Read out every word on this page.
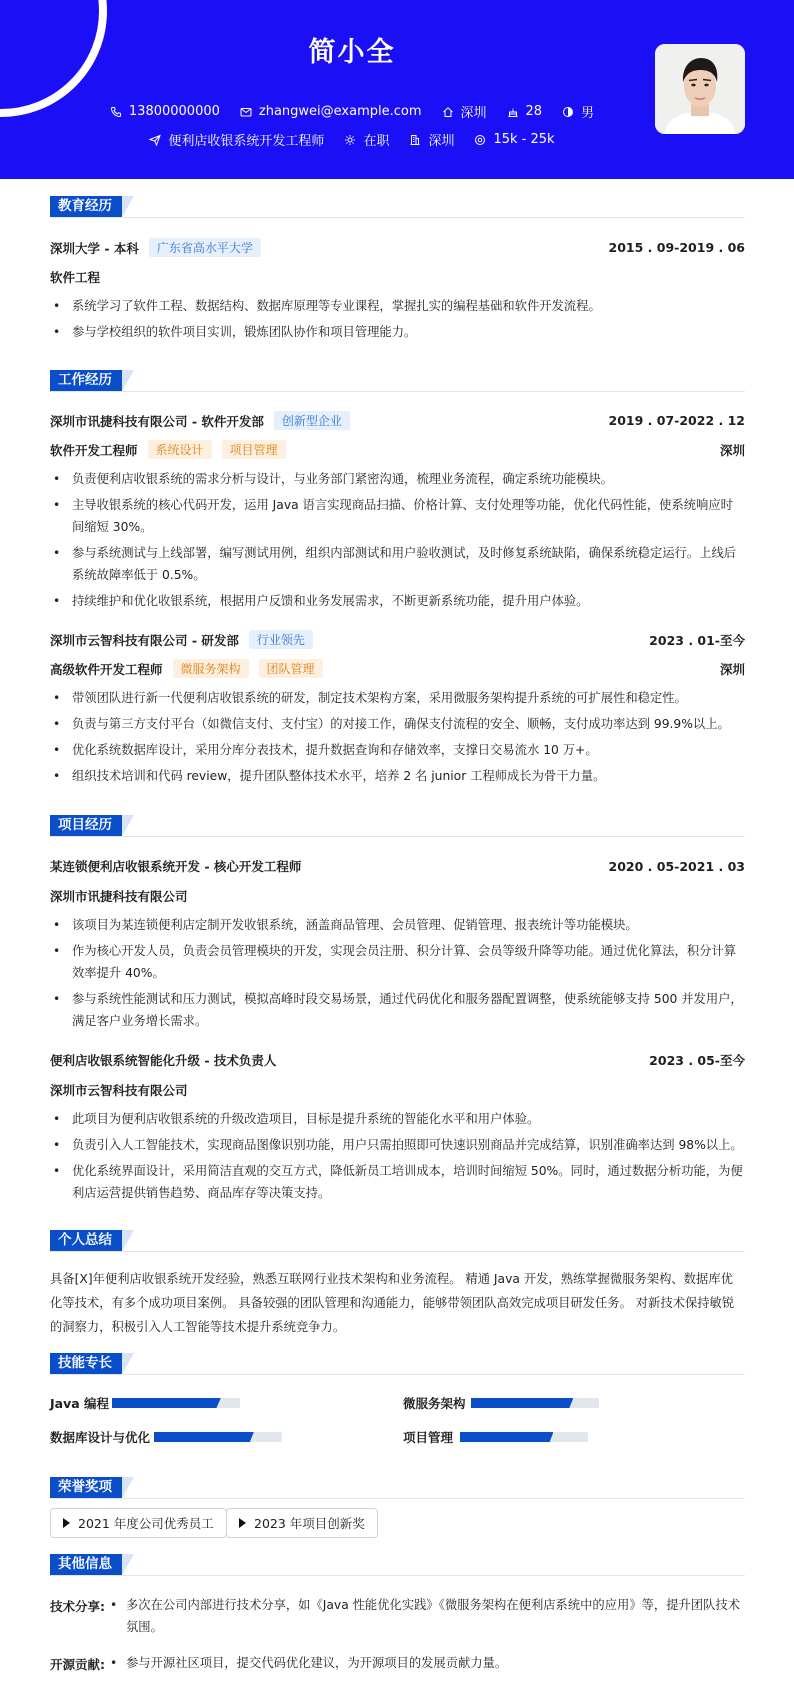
简小全
13800000000	zhangwei@example.com	深圳	28	男
便利店收银系统开发工程师	在职	深圳	15k - 25k
教育经历
深圳大学 - 本科	广东省高水平大学	2015 . 09-2019 . 06
软件工程
• 系统学习了软件工程、数据结构、数据库原理等专业课程，掌握扎实的编程基础和软件开发流程。
• 参与学校组织的软件项目实训，锻炼团队协作和项目管理能力。
工作经历
深圳市讯捷科技有限公司 - 软件开发部	创新型企业	2019 . 07-2022 . 12
软件开发工程师	系统设计	项目管理	深圳
• 负责便利店收银系统的需求分析与设计，与业务部门紧密沟通，梳理业务流程，确定系统功能模块。
• 主导收银系统的核心代码开发，运用 Java 语言实现商品扫描、价格计算、支付处理等功能，优化代码性能，使系统响应时间缩短 30%。
• 参与系统测试与上线部署，编写测试用例，组织内部测试和用户验收测试，及时修复系统缺陷，确保系统稳定运行。上线后系统故障率低于 0.5%。
• 持续维护和优化收银系统，根据用户反馈和业务发展需求，不断更新系统功能，提升用户体验。
深圳市云智科技有限公司 - 研发部	行业领先	2023 . 01-至今
高级软件开发工程师	微服务架构	团队管理	深圳
• 带领团队进行新一代便利店收银系统的研发，制定技术架构方案，采用微服务架构提升系统的可扩展性和稳定性。
• 负责与第三方支付平台（如微信支付、支付宝）的对接工作，确保支付流程的安全、顺畅，支付成功率达到 99.9%以上。
• 优化系统数据库设计，采用分库分表技术，提升数据查询和存储效率，支撑日交易流水 10 万+。
• 组织技术培训和代码 review，提升团队整体技术水平，培养 2 名 junior 工程师成长为骨干力量。
项目经历
某连锁便利店收银系统开发 - 核心开发工程师	2020 . 05-2021 . 03
深圳市讯捷科技有限公司
• 该项目为某连锁便利店定制开发收银系统，涵盖商品管理、会员管理、促销管理、报表统计等功能模块。
• 作为核心开发人员，负责会员管理模块的开发，实现会员注册、积分计算、会员等级升降等功能。通过优化算法，积分计算效率提升 40%。
• 参与系统性能测试和压力测试，模拟高峰时段交易场景，通过代码优化和服务器配置调整，使系统能够支持 500 并发用户，满足客户业务增长需求。
便利店收银系统智能化升级 - 技术负责人	2023 . 05-至今
深圳市云智科技有限公司
• 此项目为便利店收银系统的升级改造项目，目标是提升系统的智能化水平和用户体验。
• 负责引入人工智能技术，实现商品图像识别功能，用户只需拍照即可快速识别商品并完成结算，识别准确率达到 98%以上。
• 优化系统界面设计，采用简洁直观的交互方式，降低新员工培训成本，培训时间缩短 50%。同时，通过数据分析功能，为便利店运营提供销售趋势、商品库存等决策支持。
个人总结
具备[X]年便利店收银系统开发经验，熟悉互联网行业技术架构和业务流程。 精通 Java 开发，熟练掌握微服务架构、数据库优化等技术，有多个成功项目案例。 具备较强的团队管理和沟通能力，能够带领团队高效完成项目研发任务。 对新技术保持敏锐的洞察力，积极引入人工智能等技术提升系统竞争力。
技能专长
Java 编程	微服务架构
数据库设计与优化	项目管理
荣誉奖项
2021 年度公司优秀员工	2023 年项目创新奖
其他信息
技术分享:	• 多次在公司内部进行技术分享，如《Java 性能优化实践》《微服务架构在便利店系统中的应用》等，提升团队技术氛围。
开源贡献:	• 参与开源社区项目，提交代码优化建议，为开源项目的发展贡献力量。
